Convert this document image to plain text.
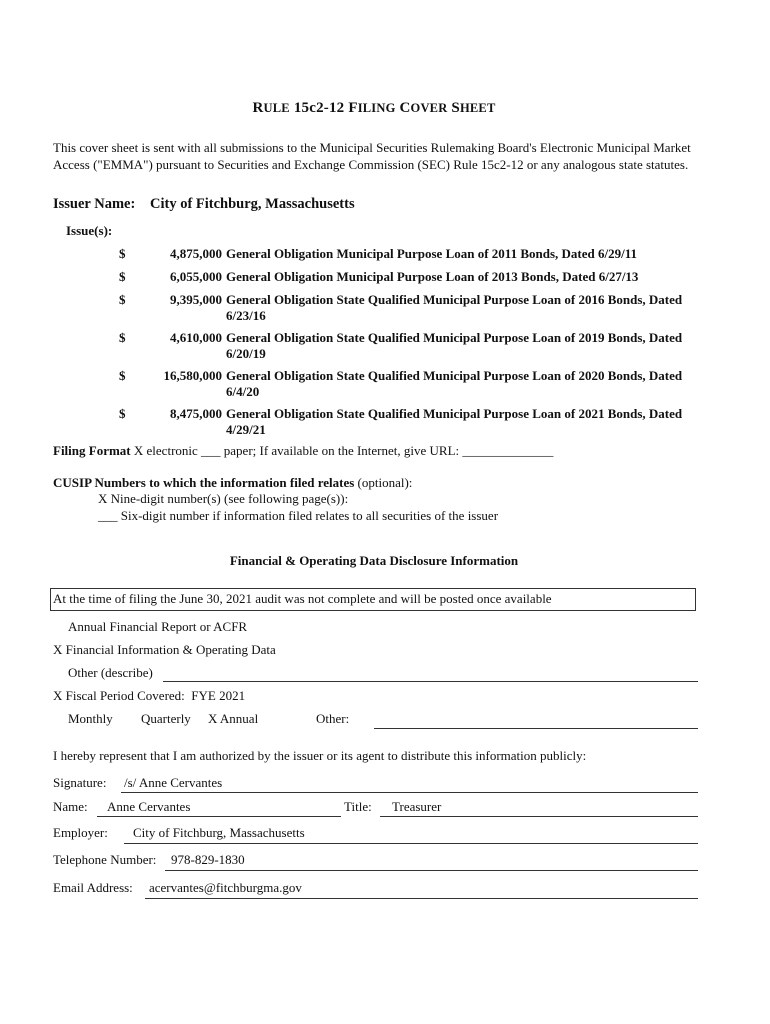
RULE 15c2-12 FILING COVER SHEET
This cover sheet is sent with all submissions to the Municipal Securities Rulemaking Board's Electronic Municipal Market Access ("EMMA") pursuant to Securities and Exchange Commission (SEC) Rule 15c2-12 or any analogous state statutes.
Issuer Name: City of Fitchburg, Massachusetts
Issue(s):
$	4,875,000 General Obligation Municipal Purpose Loan of 2011 Bonds, Dated 6/29/11
$	6,055,000 General Obligation Municipal Purpose Loan of 2013 Bonds, Dated 6/27/13
$	9,395,000 General Obligation State Qualified Municipal Purpose Loan of 2016 Bonds, Dated 6/23/16
$	4,610,000 General Obligation State Qualified Municipal Purpose Loan of 2019 Bonds, Dated 6/20/19
$	16,580,000 General Obligation State Qualified Municipal Purpose Loan of 2020 Bonds, Dated 6/4/20
$	8,475,000 General Obligation State Qualified Municipal Purpose Loan of 2021 Bonds, Dated 4/29/21
Filing Format X electronic ___ paper; If available on the Internet, give URL: ______________
CUSIP Numbers to which the information filed relates (optional):
X Nine-digit number(s) (see following page(s)):
___ Six-digit number if information filed relates to all securities of the issuer
Financial & Operating Data Disclosure Information
At the time of filing the June 30, 2021 audit was not complete and will be posted once available
Annual Financial Report or ACFR
X Financial Information & Operating Data
Other (describe)
X Fiscal Period Covered: FYE 2021
Monthly Quarterly X Annual	Other:
I hereby represent that I am authorized by the issuer or its agent to distribute this information publicly:
Signature: /s/ Anne Cervantes
Name: Anne Cervantes	Title: Treasurer
Employer: City of Fitchburg, Massachusetts
Telephone Number: 978-829-1830
Email Address: acervantes@fitchburgma.gov
